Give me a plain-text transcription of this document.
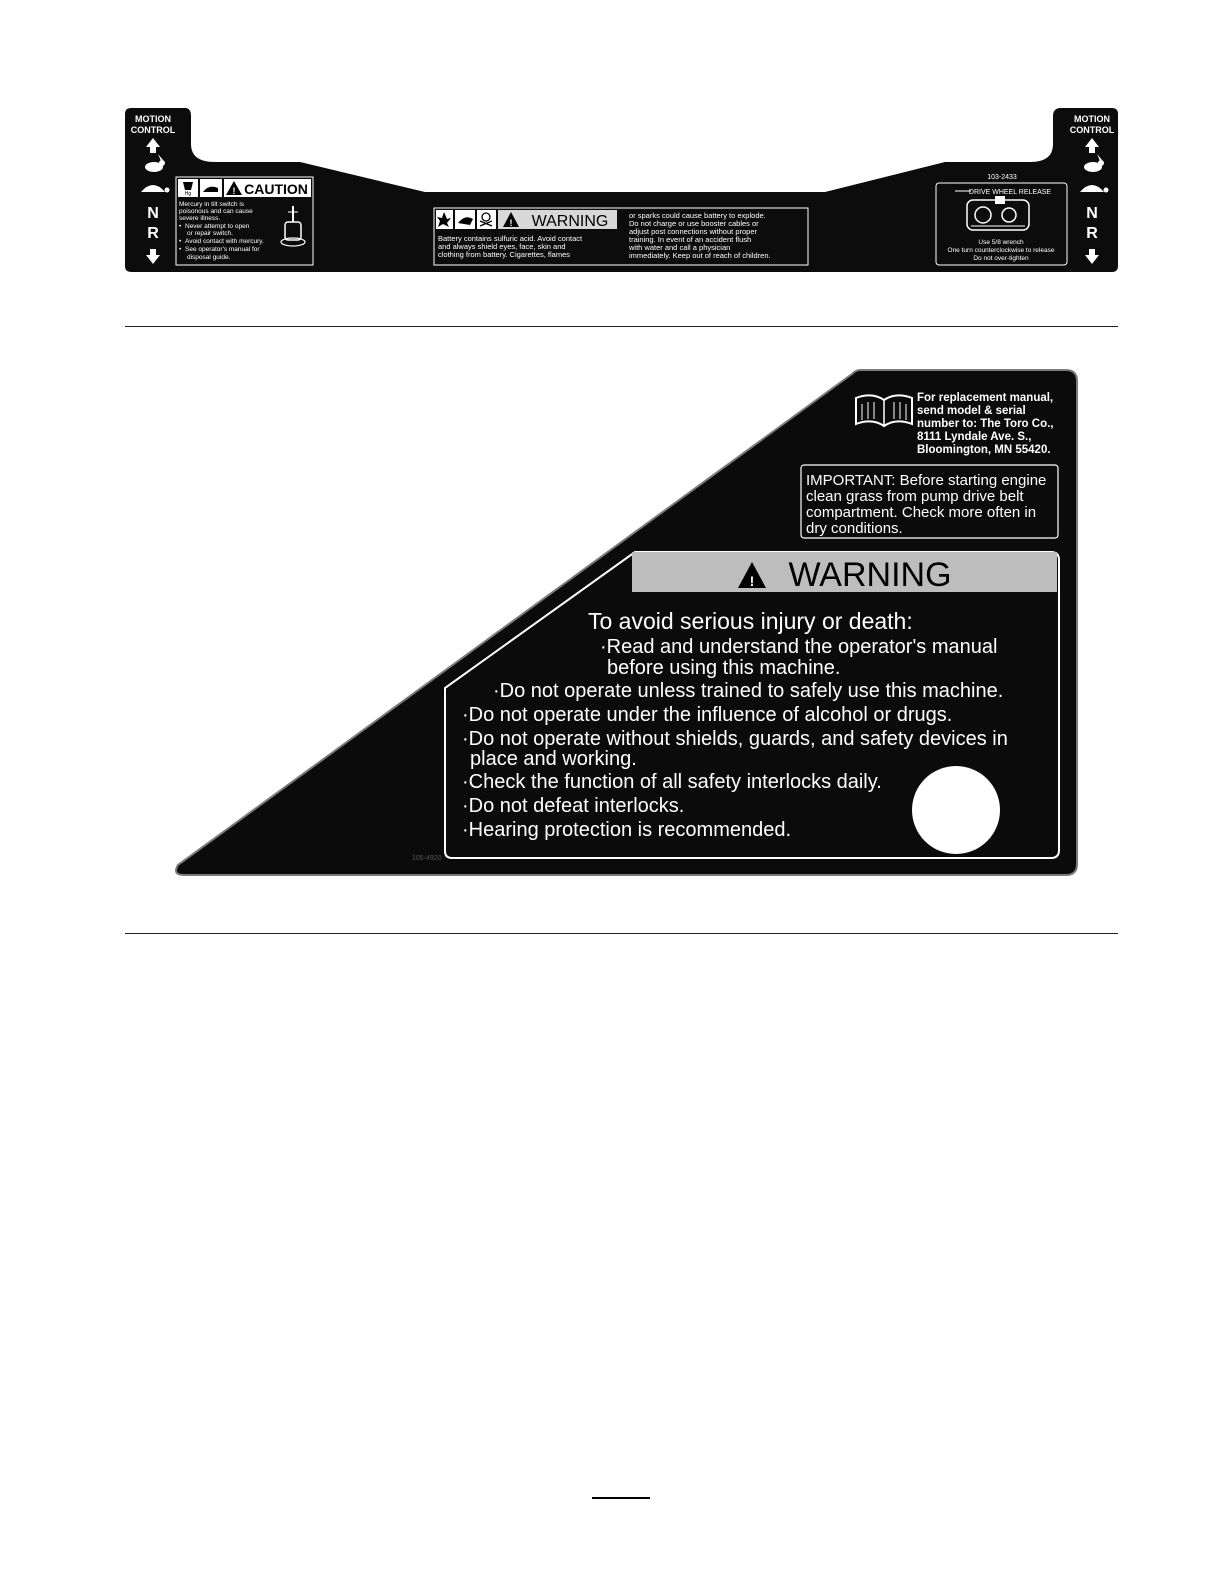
MOTION
CONTROL
N
R
MOTION
CONTROL
N
R
Hg	! CAUTION
Mercury in tilt switch is
poisonous and can cause
severe illness.
• Never attempt to open
or repair switch.
• Avoid contact with mercury.
• See operator's manual for
disposal guide.
! WARNING
Battery contains sulfuric acid. Avoid contact
and always shield eyes, face, skin and
clothing from battery. Cigarettes, flames
or sparks could cause battery to explode.
Do not charge or use booster cables or
adjust post connections without proper
training. In event of an accident flush
with water and call a physician
immediately. Keep out of reach of children.
103-2433
DRIVE WHEEL RELEASE
Use 5/8 wrench
One turn counterclockwise to release
Do not over-tighten
For replacement manual,
send model & serial
number to: The Toro Co.,
8111 Lyndale Ave. S.,
Bloomington, MN 55420.
IMPORTANT: Before starting engine
clean grass from pump drive belt
compartment. Check more often in
dry conditions.
! WARNING
To avoid serious injury or death:
·Read and understand the operator's manual
before using this machine.
·Do not operate unless trained to safely use this machine.
·Do not operate under the influence of alcohol or drugs.
·Do not operate without shields, guards, and safety devices in
place and working.
·Check the function of all safety interlocks daily.
·Do not defeat interlocks.
·Hearing protection is recommended.
105-4920
